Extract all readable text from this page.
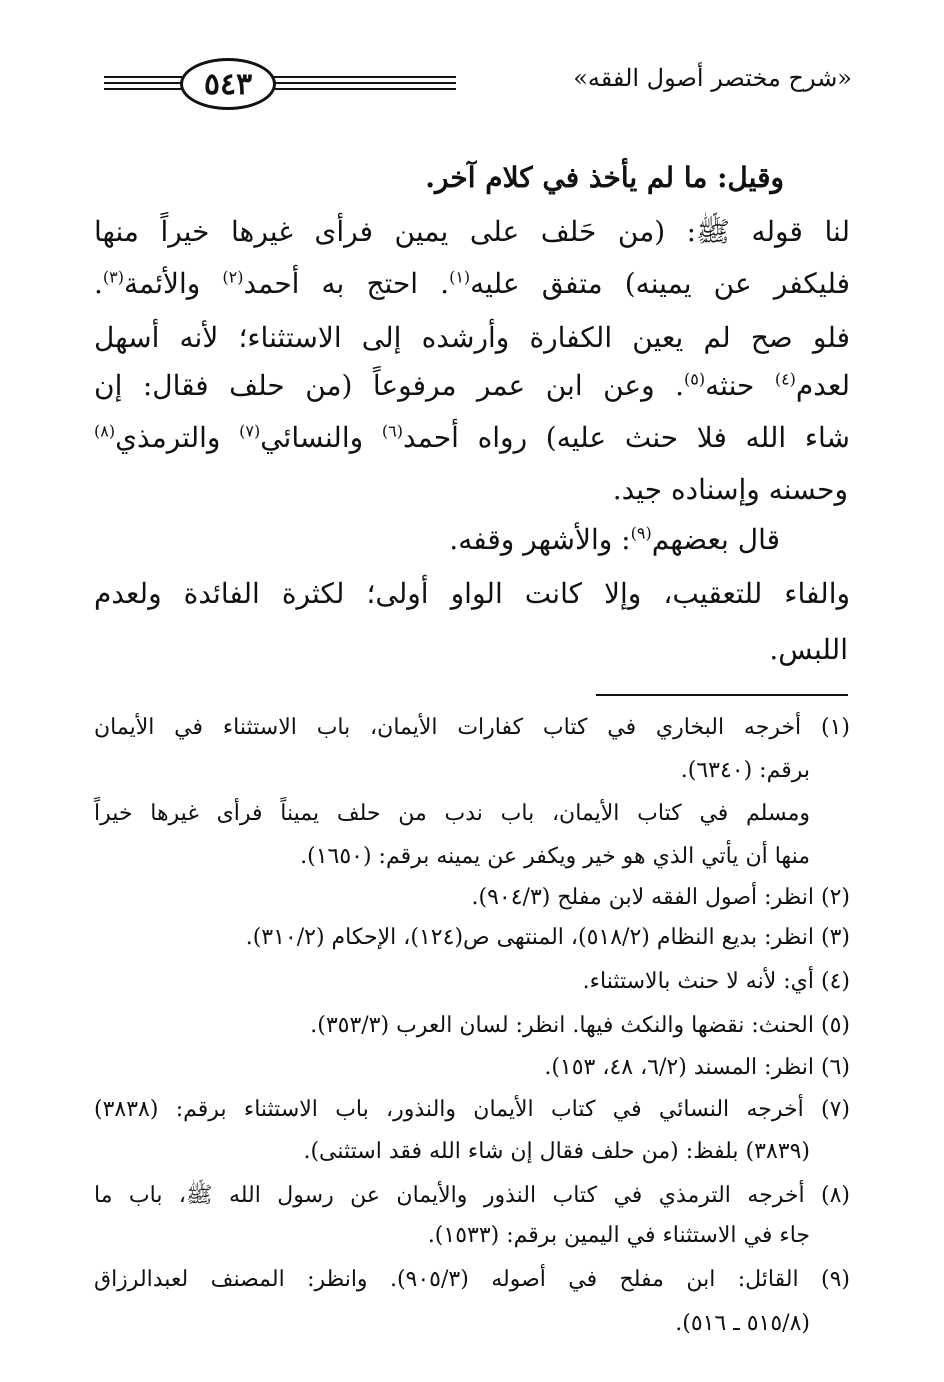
٥٤٣	«شرح مختصر أصول الفقه»
وقيل: ما لم يأخذ في كلام آخر.
لنا قوله ﷺ: (من حَلف على يمين فرأى غيرها خيراً منها
فليكفر عن يمينه) متفق عليه$^{(١)}$. احتج به أحمد$^{(٢)}$ والأئمة$^{(٣)}$.
فلو صح لم يعين الكفارة وأرشده إلى الاستثناء؛ لأنه أسهل
لعدم$^{(٤)}$ حنثه$^{(٥)}$. وعن ابن عمر مرفوعاً (من حلف فقال: إن
شاء الله فلا حنث عليه) رواه أحمد$^{(٦)}$ والنسائي$^{(٧)}$ والترمذي$^{(٨)}$
وحسنه وإسناده جيد.
قال بعضهم$^{(٩)}$: والأشهر وقفه.
والفاء للتعقيب، وإلا كانت الواو أولى؛ لكثرة الفائدة ولعدم
اللبس.
(١) أخرجه البخاري في كتاب كفارات الأيمان، باب الاستثناء في الأيمان
برقم: (٦٣٤٠).
ومسلم في كتاب الأيمان، باب ندب من حلف يميناً فرأى غيرها خيراً
منها أن يأتي الذي هو خير ويكفر عن يمينه برقم: (١٦٥٠).
(٢) انظر: أصول الفقه لابن مفلح (٩٠٤/٣).
(٣) انظر: بديع النظام (٥١٨/٢)، المنتهى ص(١٢٤)، الإحكام (٣١٠/٢).
(٤) أي: لأنه لا حنث بالاستثناء.
(٥) الحنث: نقضها والنكث فيها. انظر: لسان العرب (٣٥٣/٣).
(٦) انظر: المسند (٦/٢، ٤٨، ١٥٣).
(٧) أخرجه النسائي في كتاب الأيمان والنذور، باب الاستثناء برقم: (٣٨٣٨)
(٣٨٣٩) بلفظ: (من حلف فقال إن شاء الله فقد استثنى).
(٨) أخرجه الترمذي في كتاب النذور والأيمان عن رسول الله ﷺ، باب ما
جاء في الاستثناء في اليمين برقم: (١٥٣٣).
(٩) القائل: ابن مفلح في أصوله (٩٠٥/٣). وانظر: المصنف لعبدالرزاق
(٥١٥/٨ ـ ٥١٦).
